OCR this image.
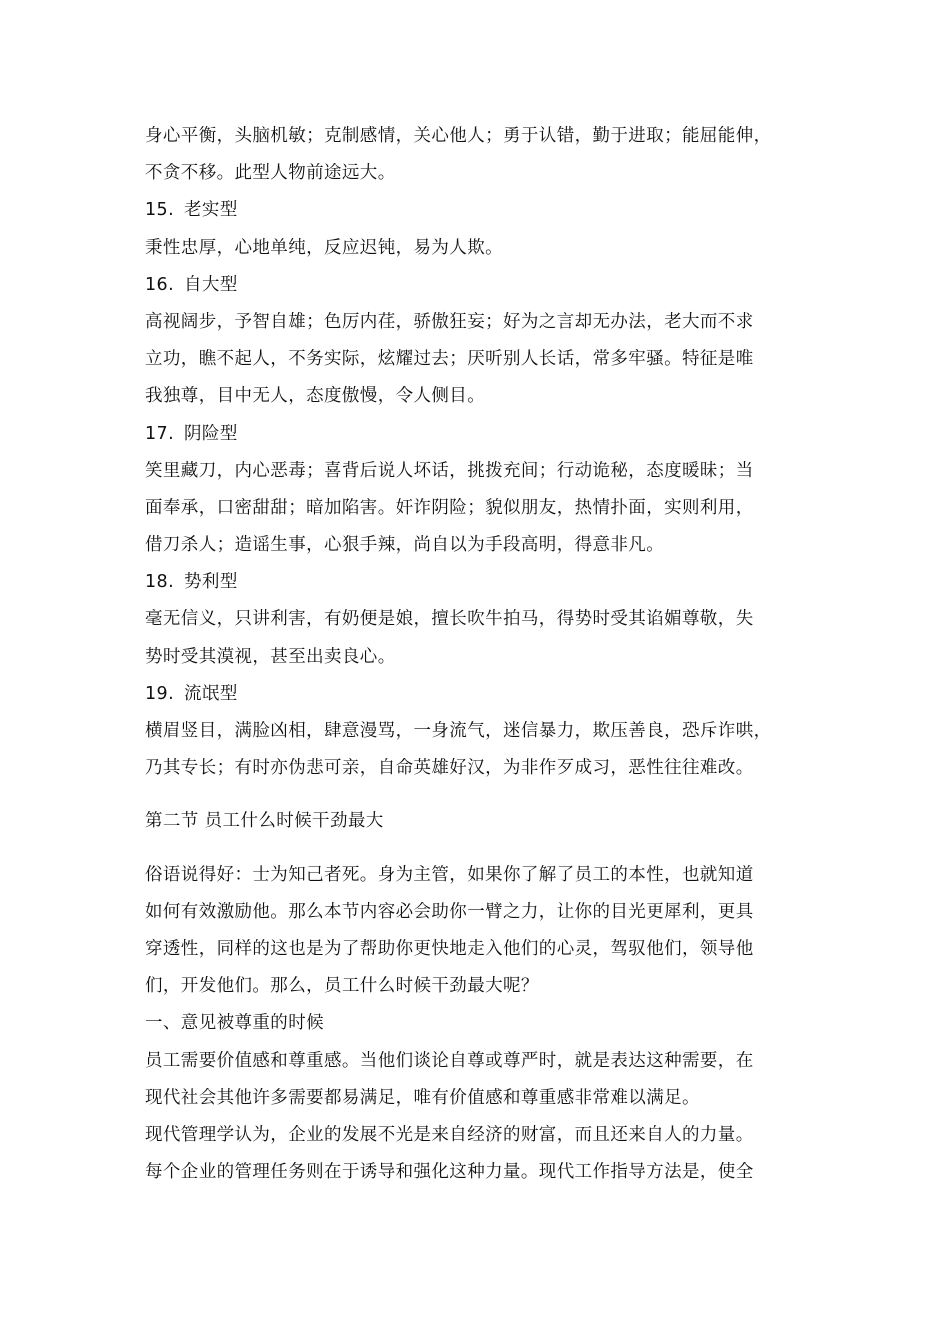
身心平衡，头脑机敏；克制感情，关心他人；勇于认错，勤于进取；能屈能伸，
不贪不移。此型人物前途远大。
15. 老实型
秉性忠厚，心地单纯，反应迟钝，易为人欺。
16. 自大型
高视阔步，予智自雄；色厉内荏，骄傲狂妄；好为之言却无办法，老大而不求
立功，瞧不起人，不务实际，炫耀过去；厌听别人长话，常多牢骚。特征是唯
我独尊，目中无人，态度傲慢，令人侧目。
17. 阴险型
笑里藏刀，内心恶毒；喜背后说人坏话，挑拨充间；行动诡秘，态度暖昧；当
面奉承，口密甜甜；暗加陷害。奸诈阴险；貌似朋友，热情扑面，实则利用，
借刀杀人；造谣生事，心狠手辣，尚自以为手段高明，得意非凡。
18. 势利型
毫无信义，只讲利害，有奶便是娘，擅长吹牛拍马，得势时受其谄媚尊敬，失
势时受其漠视，甚至出卖良心。
19. 流氓型
横眉竖目，满脸凶相，肆意漫骂，一身流气，迷信暴力，欺压善良，恐斥诈哄，
乃其专长；有时亦伪悲可亲，自命英雄好汉，为非作歹成习，恶性往往难改。
第二节 员工什么时候干劲最大
俗语说得好：士为知己者死。身为主管，如果你了解了员工的本性，也就知道
如何有效激励他。那么本节内容必会助你一臂之力，让你的目光更犀利，更具
穿透性，同样的这也是为了帮助你更快地走入他们的心灵，驾驭他们，领导他
们，开发他们。那么，员工什么时候干劲最大呢？
一、意见被尊重的时候
员工需要价值感和尊重感。当他们谈论自尊或尊严时，就是表达这种需要，在
现代社会其他许多需要都易满足，唯有价值感和尊重感非常难以满足。
现代管理学认为，企业的发展不光是来自经济的财富，而且还来自人的力量。
每个企业的管理任务则在于诱导和强化这种力量。现代工作指导方法是，使全
